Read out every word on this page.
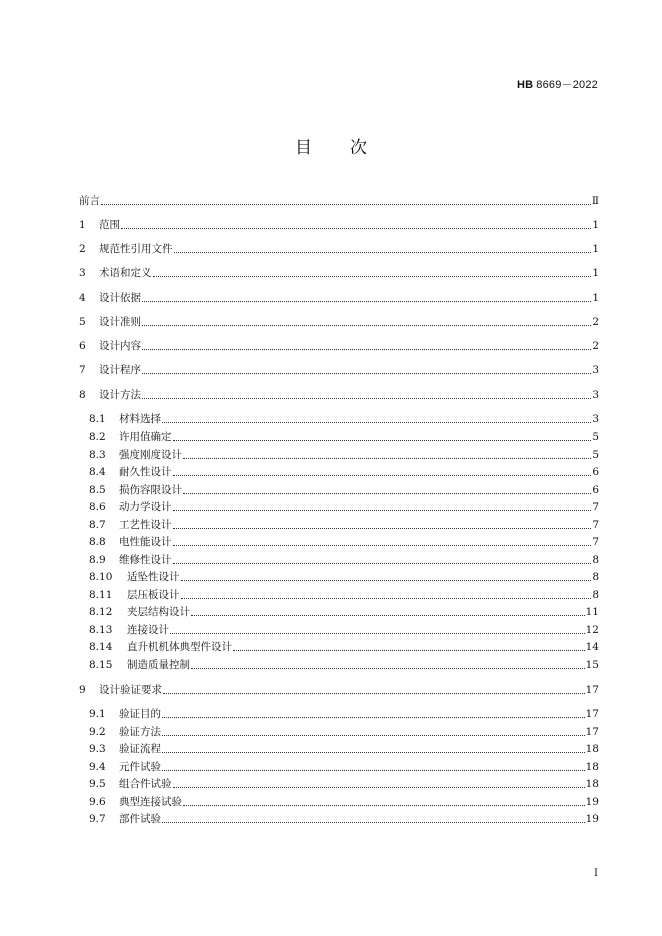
HB 8669－2022
目次
前言	Ⅱ
1	范围	1
2	规范性引用文件	1
3	术语和定义	1
4	设计依据	1
5	设计准则	2
6	设计内容	2
7	设计程序	3
8	设计方法	3
8.1	材料选择	3
8.2	许用值确定	5
8.3	强度刚度设计	5
8.4	耐久性设计	6
8.5	损伤容限设计	6
8.6	动力学设计	7
8.7	工艺性设计	7
8.8	电性能设计	7
8.9	维修性设计	8
8.10	适坠性设计	8
8.11	层压板设计	8
8.12	夹层结构设计	11
8.13	连接设计	12
8.14	直升机机体典型件设计	14
8.15	制造质量控制	15
9	设计验证要求	17
9.1	验证目的	17
9.2	验证方法	17
9.3	验证流程	18
9.4	元件试验	18
9.5	组合件试验	18
9.6	典型连接试验	19
9.7	部件试验	19
I
